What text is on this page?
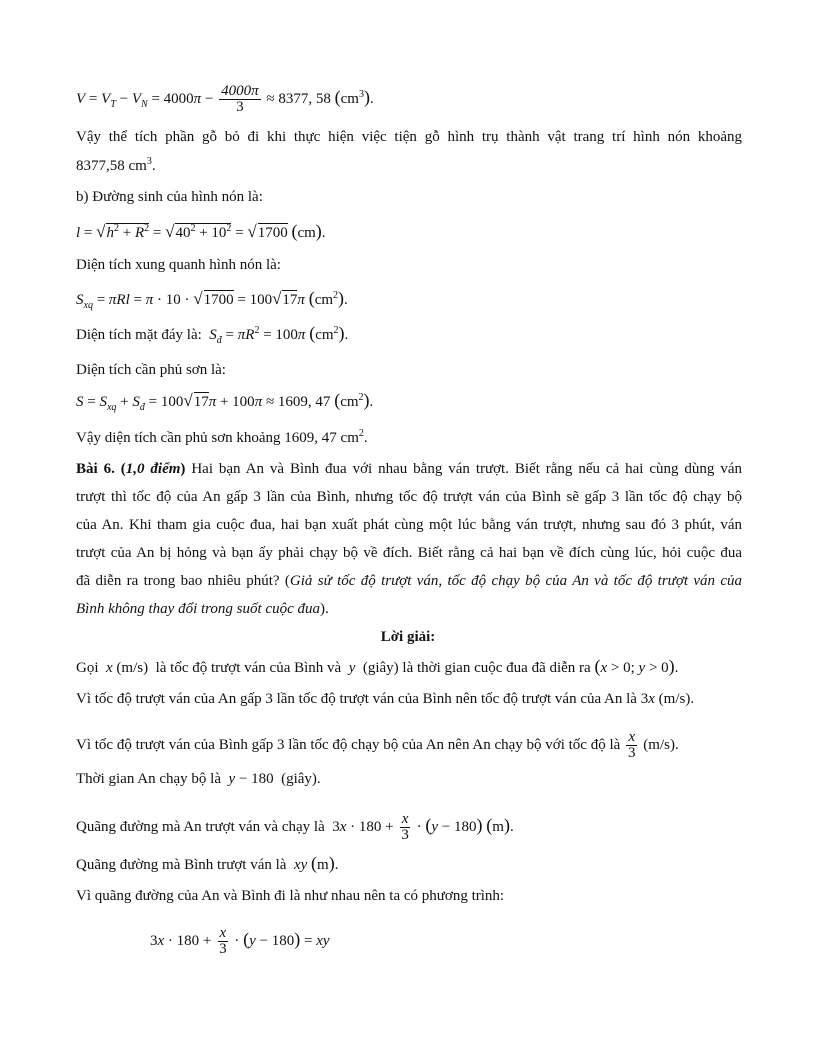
$V = V_T - V_N = 4000\pi - \frac{4000\pi}{3} \approx 8377$, 58 $(cm^3)$.
Vậy thể tích phần gỗ bỏ đi khi thực hiện việc tiện gỗ hình trụ thành vật trang trí hình nón khoảng
8377,58 $cm^3$.
b) Đường sinh của hình nón là:
$l = √h^2 + R^2 = √40^2 + 10^2 = √1700$ (cm).
Diện tích xung quanh hình nón là:
$S_{xq} = \pi Rl = \pi \cdot 10 \cdot √1700 = 100√17\pi$ $(cm^2)$.
Diện tích mặt đáy là:  $S_đ = \pi R^2 = 100\pi$ $(cm^2)$.
Diện tích cần phủ sơn là:
$S = S_{xq} + S_đ = 100√17\pi + 100\pi \approx 1609$, 47 $(cm^2)$.
Vậy diện tích cần phủ sơn khoảng 1609, 47 $cm^2$.
Bài 6. (1,0 điểm) Hai bạn An và Bình đua với nhau bằng ván trượt. Biết rằng nếu cả hai cùng dùng ván
trượt thì tốc độ của An gấp 3 lần của Bình, nhưng tốc độ trượt ván của Bình sẽ gấp 3 lần tốc độ chạy bộ
của An. Khi tham gia cuộc đua, hai bạn xuất phát cùng một lúc bằng ván trượt, nhưng sau đó 3 phút, ván
trượt của An bị hỏng và bạn ấy phải chạy bộ về đích. Biết rằng cả hai bạn về đích cùng lúc, hỏi cuộc đua
đã diễn ra trong bao nhiêu phút? (Giả sử tốc độ trượt ván, tốc độ chạy bộ của An và tốc độ trượt ván của
Bình không thay đổi trong suốt cuộc đua).
Lời giải:
Gọi  x (m/s)  là tốc độ trượt ván của Bình và  y  (giây) là thời gian cuộc đua đã diễn ra (x > 0; y > 0).
Vì tốc độ trượt ván của An gấp 3 lần tốc độ trượt ván của Bình nên tốc độ trượt ván của An là 3x (m/s).
Vì tốc độ trượt ván của Bình gấp 3 lần tốc độ chạy bộ của An nên An chạy bộ với tốc độ là $\frac{x}{3} (m/s)$.
Thời gian An chạy bộ là  y − 180  (giây).
Quãng đường mà An trượt ván và chạy là  $3x \cdot 180 + \frac{x}{3} \cdot (y - 180)$ (m).
Quãng đường mà Bình trượt ván là  xy (m).
Vì quãng đường của An và Bình đi là như nhau nên ta có phương trình:
$3x \cdot 180 + \frac{x}{3} \cdot (y - 180)$ = xy
